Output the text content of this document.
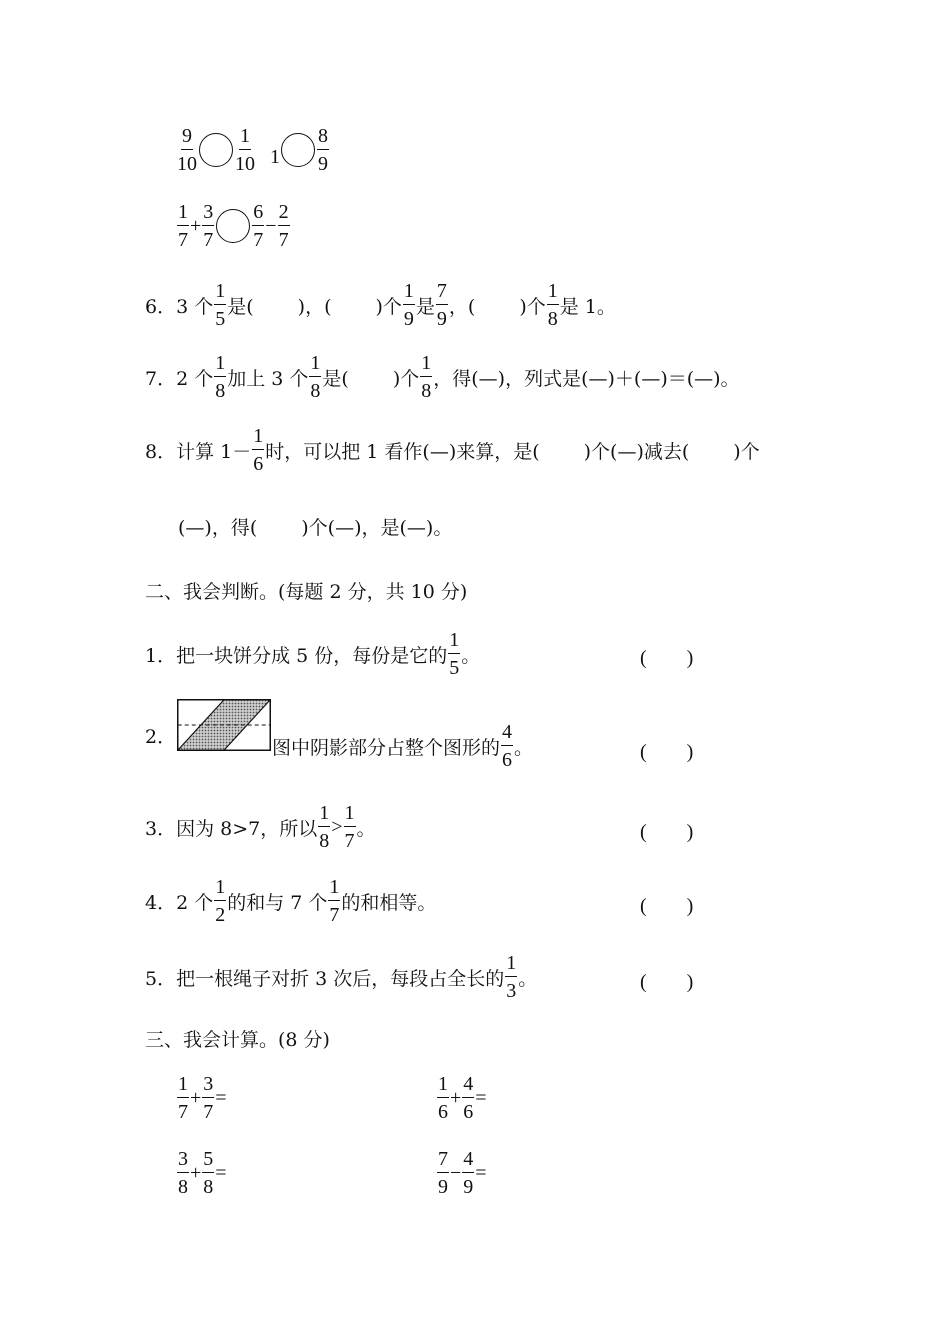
$\frac{9}{10} \frac{1}{10} 1 \frac{8}{9}$
$\frac{1}{7} + \frac{3}{7} \frac{6}{7} - \frac{2}{7}$
6． 3 个 $\frac{1}{5}$ 是( )，( )个 $\frac{1}{9}$ 是 $\frac{7}{9}$ ，( )个 $\frac{1}{8}$ 是 1。
7． 2 个 $\frac{1}{8}$ 加上 3 个 $\frac{1}{8}$ 是( )个 $\frac{1}{8}$ ，得(—)，列式是(—)＋(—)＝(—)。
8． 计算 $1- \frac{1}{6}$ 时，可以把 1 看作(—)来算，是( )个(—)减去( )个
(—)，得( )个(—)，是(—)。
二、我会判断。(每题 2 分，共 10 分)
1． 把一块饼分成 5 份，每份是它的 $\frac{1}{5}$ 。	(　　)
2．	图中阴影部分占整个图形的 $\frac{4}{6}$ 。	(　　)
3． 因为 8>7，所以 $\frac{1}{8} > \frac{1}{7}$ 。	(　　)
4． 2 个 $\frac{1}{2}$ 的和与 7 个 $\frac{1}{7}$ 的和相等。	(　　)
5． 把一根绳子对折 3 次后，每段占全长的 $\frac{1}{3}$ 。	(　　)
三、我会计算。(8 分)
$\frac{1}{7} + \frac{3}{7}$ =	$\frac{1}{6} + \frac{4}{6}$ =
$\frac{3}{8} + \frac{5}{8}$ =	$\frac{7}{9} - \frac{4}{9}$ =
